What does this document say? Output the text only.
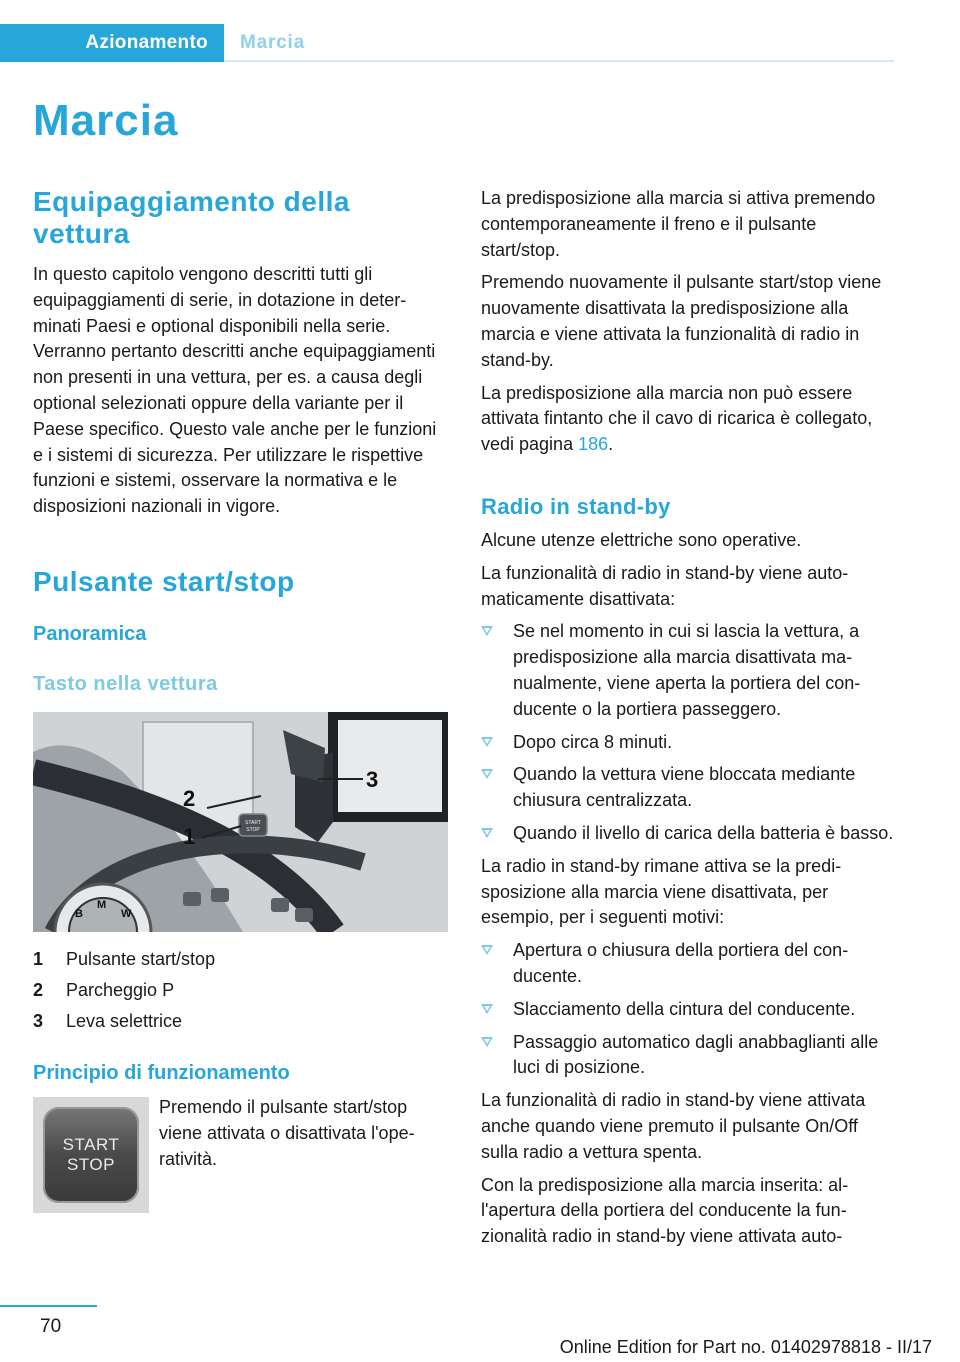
Azionamento	Marcia
Marcia
Equipaggiamento della vettura

In questo capitolo vengono descritti tutti gli equipaggiamenti di serie, in dotazione in determinati Paesi e optional disponibili nella serie. Verranno pertanto descritti anche equipaggiamenti non presenti in una vettura, per es. a causa degli optional selezionati oppure della variante per il Paese specifico. Questo vale anche per le funzioni e i sistemi di sicurezza. Per utilizzare le rispettive funzioni e sistemi, osservare la normativa e le disposizioni nazionali in vigore.

Pulsante start/stop
Panoramica
Tasto nella vettura
1
2
3
START
STOP
B
M
W
1	Pulsante start/stop
2	Parcheggio P
3	Leva selettrice
Principio di funzionamento
START
STOP

Premendo il pulsante start/stop viene attivata o disattivata l'operatività.

La predisposizione alla marcia si attiva premendo contemporaneamente il freno e il pulsante start/stop.

Premendo nuovamente il pulsante start/stop viene nuovamente disattivata la predisposizione alla marcia e viene attivata la funzionalità di radio in stand-by.

La predisposizione alla marcia non può essere attivata fintanto che il cavo di ricarica è collegato, vedi pagina 186.

Radio in stand-by

Alcune utenze elettriche sono operative.

La funzionalità di radio in stand-by viene automaticamente disattivata:

Se nel momento in cui si lascia la vettura, a predisposizione alla marcia disattivata manualmente, viene aperta la portiera del conducente o la portiera passeggero.
Dopo circa 8 minuti.
Quando la vettura viene bloccata mediante chiusura centralizzata.
Quando il livello di carica della batteria è basso.

La radio in stand-by rimane attiva se la predisposizione alla marcia viene disattivata, per esempio, per i seguenti motivi:

Apertura o chiusura della portiera del conducente.
Slacciamento della cintura del conducente.
Passaggio automatico dagli anabbaglianti alle luci di posizione.

La funzionalità di radio in stand-by viene attivata anche quando viene premuto il pulsante On/Off sulla radio a vettura spenta.

Con la predisposizione alla marcia inserita: all'apertura della portiera del conducente la funzionalità radio in stand-by viene attivata auto-

70
Online Edition for Part no. 01402978818 - II/17
